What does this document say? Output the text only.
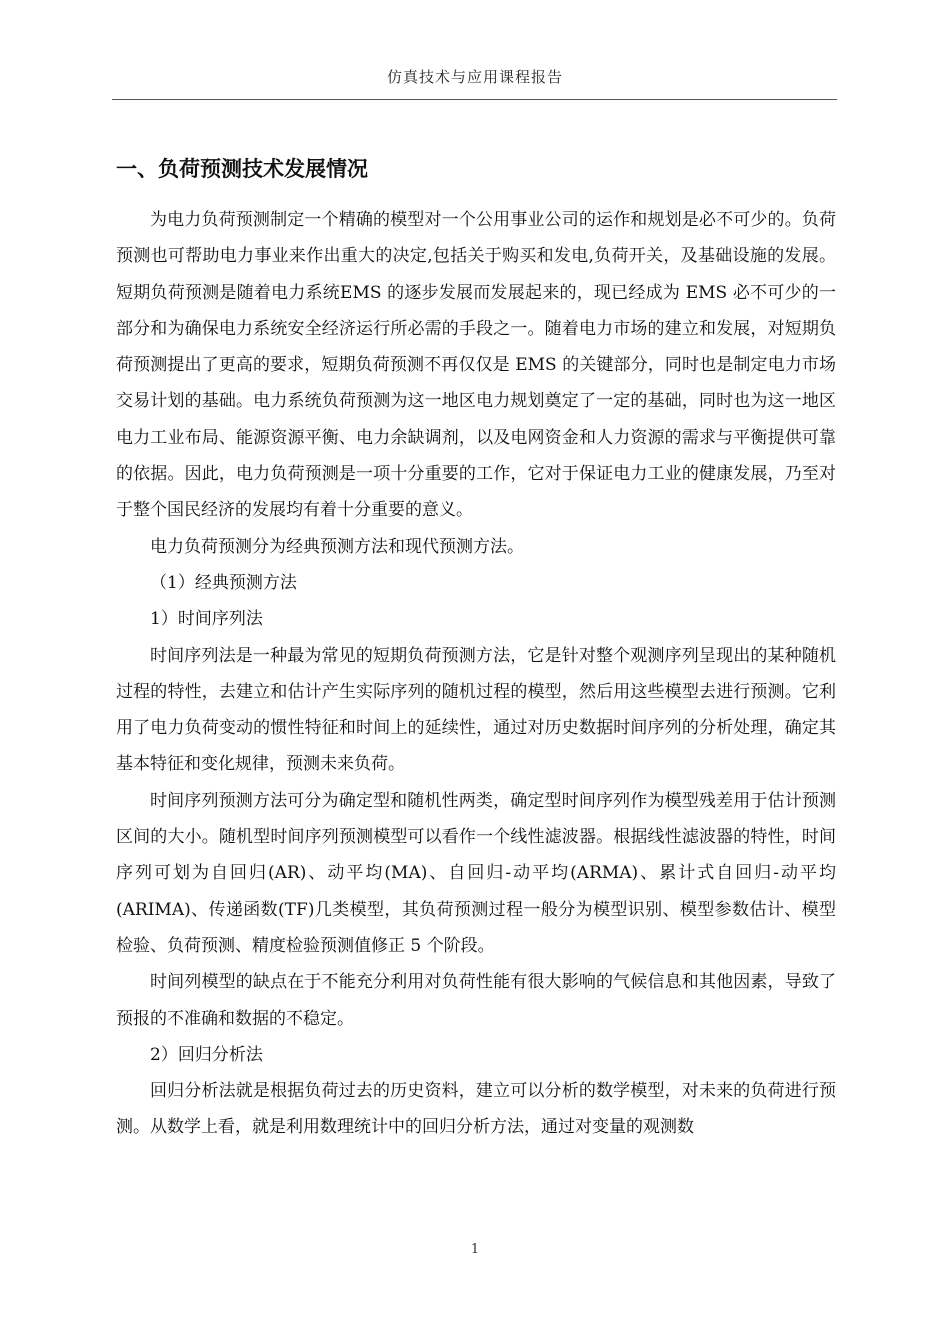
仿真技术与应用课程报告
一、负荷预测技术发展情况

为电力负荷预测制定一个精确的模型对一个公用事业公司的运作和规划是必不可少的。负荷预测也可帮助电力事业来作出重大的决定,包括关于购买和发电,负荷开关，及基础设施的发展。短期负荷预测是随着电力系统EMS 的逐步发展而发展起来的，现已经成为 EMS 必不可少的一部分和为确保电力系统安全经济运行所必需的手段之一。随着电力市场的建立和发展，对短期负荷预测提出了更高的要求，短期负荷预测不再仅仅是 EMS 的关键部分，同时也是制定电力市场交易计划的基础。电力系统负荷预测为这一地区电力规划奠定了一定的基础，同时也为这一地区电力工业布局、能源资源平衡、电力余缺调剂，以及电网资金和人力资源的需求与平衡提供可靠的依据。因此，电力负荷预测是一项十分重要的工作，它对于保证电力工业的健康发展，乃至对于整个国民经济的发展均有着十分重要的意义。

电力负荷预测分为经典预测方法和现代预测方法。

（1）经典预测方法

1）时间序列法

时间序列法是一种最为常见的短期负荷预测方法，它是针对整个观测序列呈现出的某种随机过程的特性，去建立和估计产生实际序列的随机过程的模型，然后用这些模型去进行预测。它利用了电力负荷变动的惯性特征和时间上的延续性，通过对历史数据时间序列的分析处理，确定其基本特征和变化规律，预测未来负荷。

时间序列预测方法可分为确定型和随机性两类，确定型时间序列作为模型残差用于估计预测区间的大小。随机型时间序列预测模型可以看作一个线性滤波器。根据线性滤波器的特性，时间序列可划为自回归(AR)、动平均(MA)、自回归-动平均(ARMA)、累计式自回归-动平均(ARIMA)、传递函数(TF)几类模型，其负荷预测过程一般分为模型识别、模型参数估计、模型检验、负荷预测、精度检验预测值修正 5 个阶段。

时间列模型的缺点在于不能充分利用对负荷性能有很大影响的气候信息和其他因素，导致了预报的不准确和数据的不稳定。

2）回归分析法

回归分析法就是根据负荷过去的历史资料，建立可以分析的数学模型，对未来的负荷进行预测。从数学上看，就是利用数理统计中的回归分析方法，通过对变量的观测数

1
